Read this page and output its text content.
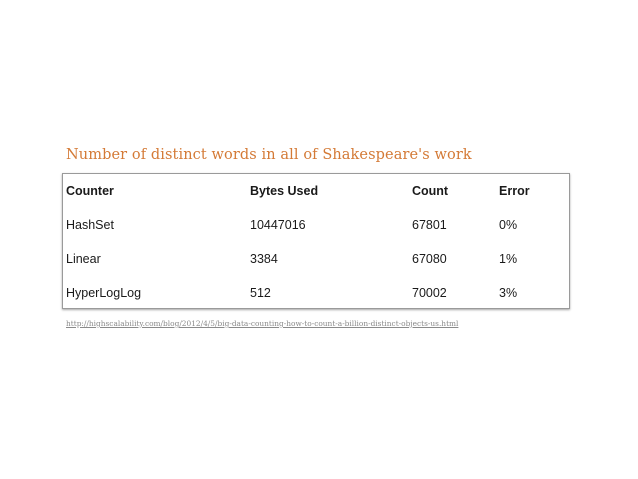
Number of distinct words in all of Shakespeare's work
Counter	Bytes Used	Count	Error
HashSet	10447016	67801	0%
Linear	3384	67080	1%
HyperLogLog	512	70002	3%
http://highscalability.com/blog/2012/4/5/big-data-counting-how-to-count-a-billion-distinct-objects-us.html
